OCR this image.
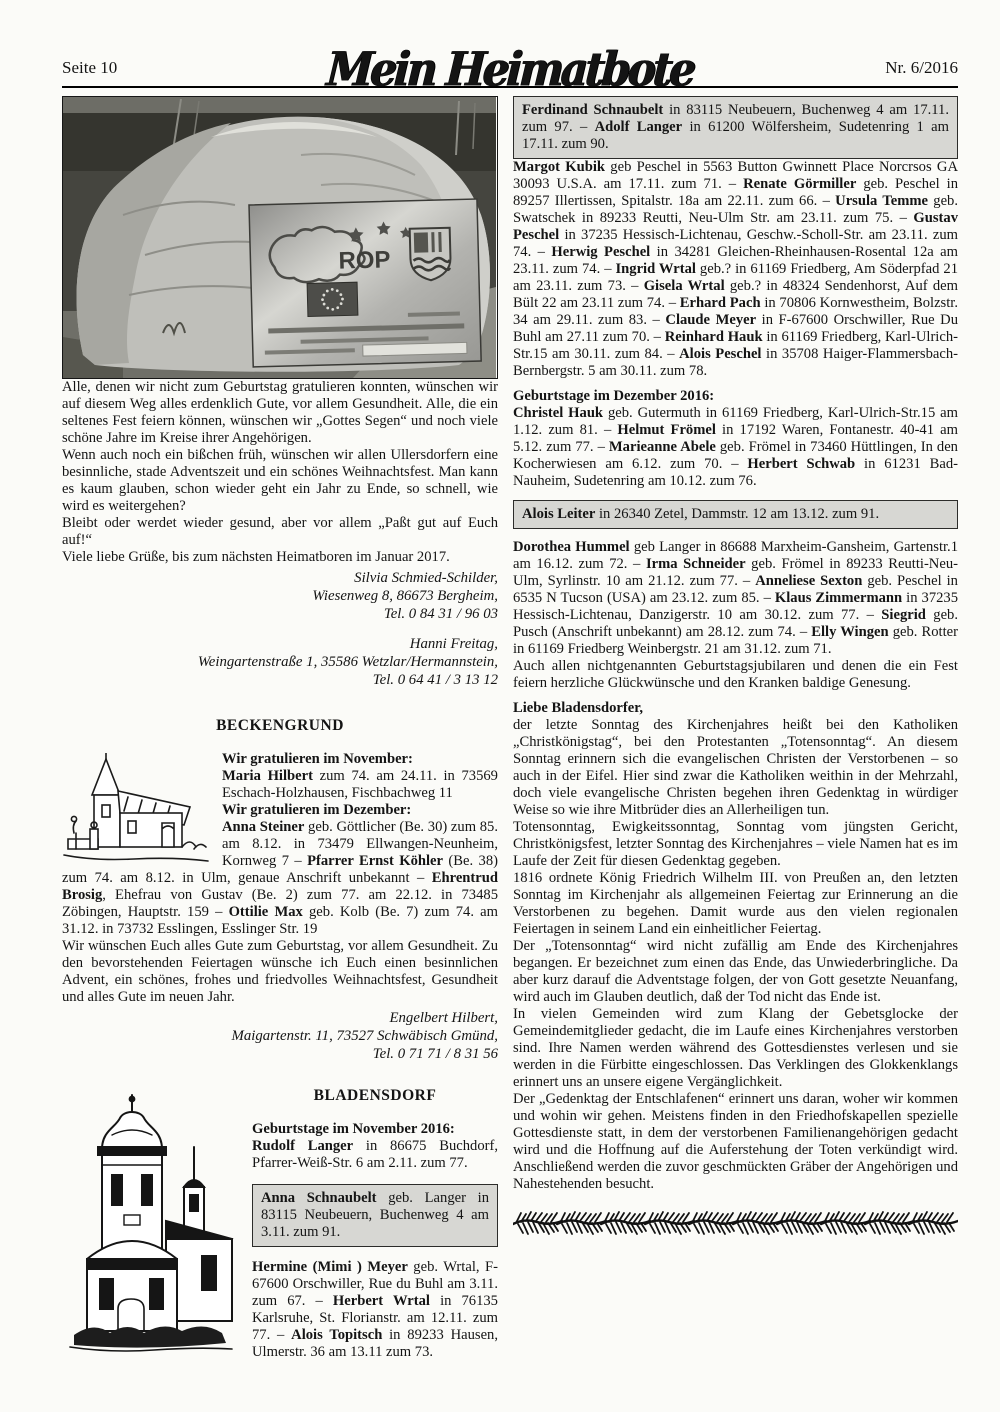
Seite 10	Mein Heimatbote	Nr. 6/2016
ROP

Alle, denen wir nicht zum Geburtstag gratulieren konnten, wünschen wir auf diesem Weg alles erdenklich Gute, vor allem Gesundheit. Alle, die ein seltenes Fest feiern können, wünschen wir „Gottes Segen“ und noch viele schöne Jahre im Kreise ihrer Angehörigen.

Wenn auch noch ein bißchen früh, wünschen wir allen Ullersdorfern eine besinnliche, stade Adventszeit und ein schönes Weihnachtsfest. Man kann es kaum glauben, schon wieder geht ein Jahr zu Ende, so schnell, wie wird es weitergehen?

Bleibt oder werdet wieder gesund, aber vor allem „Paßt gut auf Euch auf!“

Viele liebe Grüße, bis zum nächsten Heimatboren im Januar 2017.

Silvia Schmied-Schilder,
Wiesenweg 8, 86673 Bergheim,
Tel. 0 84 31 / 96 03
Hanni Freitag,
Weingartenstraße 1, 35586 Wetzlar/Hermannstein,
Tel. 0 64 41 / 3 13 12
BECKENGRUND

Wir gratulieren im November:

Maria Hilbert zum 74. am 24.11. in 73569 Eschach-Holzhausen, Fischbachweg 11

Wir gratulieren im Dezember:

Anna Steiner geb. Göttlicher (Be. 30) zum 85. am 8.12. in 73479 Ellwangen-Neunheim, Kornweg 7 – Pfarrer Ernst Köhler (Be. 38) zum 74. am 8.12. in Ulm, genaue Anschrift unbekannt – Ehrentrud Brosig, Ehefrau von Gustav (Be. 2) zum 77. am 22.12. in 73485 Zöbingen, Hauptstr. 159 – Ottilie Max geb. Kolb (Be. 7) zum 74. am 31.12. in 73732 Esslingen, Esslinger Str. 19

Wir wünschen Euch alles Gute zum Geburtstag, vor allem Gesundheit. Zu den bevorstehenden Feiertagen wünsche ich Euch einen besinnlichen Advent, ein schönes, frohes und friedvolles Weihnachtsfest, Gesundheit und alles Gute im neuen Jahr.

Engelbert Hilbert,
Maigartenstr. 11, 73527 Schwäbisch Gmünd,
Tel. 0 71 71 / 8 31 56
BLADENSDORF

Geburtstage im November 2016:

Rudolf Langer in 86675 Buchdorf, Pfarrer-Weiß-Str. 6 am 2.11. zum 77.

Anna Schnaubelt geb. Langer in 83115 Neubeuern, Buchenweg 4 am 3.11. zum 91.

Hermine (Mimi ) Meyer geb. Wrtal, F-67600 Orschwiller, Rue du Buhl am 3.11. zum 67. – Herbert Wrtal in 76135 Karlsruhe, St. Florianstr. am 12.11. zum 77. – Alois Topitsch in 89233 Hausen, Ulmerstr. 36 am 13.11 zum 73.

Ferdinand Schnaubelt in 83115 Neubeuern, Buchenweg 4 am 17.11. zum 97. – Adolf Langer in 61200 Wölfersheim, Sudetenring 1 am 17.11. zum 90.

Margot Kubik geb Peschel in 5563 Button Gwinnett Place Norcrsos GA 30093 U.S.A. am 17.11. zum 71. – Renate Görmiller geb. Peschel in 89257 Illertissen, Spitalstr. 18a am 22.11. zum 66. – Ursula Temme geb. Swatschek in 89233 Reutti, Neu-Ulm Str. am 23.11. zum 75. – Gustav Peschel in 37235 Hessisch-Lichtenau, Geschw.-Scholl-Str. am 23.11. zum 74. – Herwig Peschel in 34281 Gleichen-Rheinhausen-Rosental 12a am 23.11. zum 74. – Ingrid Wrtal geb.? in 61169 Friedberg, Am Söderpfad 21 am 23.11. zum 73. – Gisela Wrtal geb.? in 48324 Sendenhorst, Auf dem Bült 22 am 23.11 zum 74. – Erhard Pach in 70806 Kornwestheim, Bolzstr. 34 am 29.11. zum 83. – Claude Meyer in F-67600 Orschwiller, Rue Du Buhl am 27.11 zum 70. – Reinhard Hauk in 61169 Friedberg, Karl-Ulrich-Str.15 am 30.11. zum 84. – Alois Peschel in 35708 Haiger-Flammersbach-Bernbergstr. 5 am 30.11. zum 78.

Geburtstage im Dezember 2016:

Christel Hauk geb. Gutermuth in 61169 Friedberg, Karl-Ulrich-Str.15 am 1.12. zum 81. – Helmut Frömel in 17192 Waren, Fontanestr. 40-41 am 5.12. zum 77. – Marieanne Abele geb. Frömel in 73460 Hüttlingen, In den Kocherwiesen am 6.12. zum 70. – Herbert Schwab in 61231 Bad-Nauheim, Sudetenring am 10.12. zum 76.

Alois Leiter in 26340 Zetel, Dammstr. 12 am 13.12. zum 91.

Dorothea Hummel geb Langer in 86688 Marxheim-Gansheim, Gartenstr.1 am 16.12. zum 72. – Irma Schneider geb. Frömel in 89233 Reutti-Neu-Ulm, Syrlinstr. 10 am 21.12. zum 77. – Anneliese Sexton geb. Peschel in 6535 N Tucson (USA) am 23.12. zum 85. – Klaus Zimmermann in 37235 Hessisch-Lichtenau, Danzigerstr. 10 am 30.12. zum 77. – Siegrid geb. Pusch (Anschrift unbekannt) am 28.12. zum 74. – Elly Wingen geb. Rotter in 61169 Friedberg Weinbergstr. 21 am 31.12. zum 71.

Auch allen nichtgenannten Geburtstagsjubilaren und denen die ein Fest feiern herzliche Glückwünsche und den Kranken baldige Genesung.

Liebe Bladensdorfer,

der letzte Sonntag des Kirchenjahres heißt bei den Katholiken „Christkönigstag“, bei den Protestanten „Totensonntag“. An diesem Sonntag erinnern sich die evangelischen Christen der Verstorbenen – so auch in der Eifel. Hier sind zwar die Katholiken weithin in der Mehrzahl, doch viele evangelische Christen begehen ihren Gedenktag in würdiger Weise so wie ihre Mitbrüder dies an Allerheiligen tun.

Totensonntag, Ewigkeitssonntag, Sonntag vom jüngsten Gericht, Christkönigsfest, letzter Sonntag des Kirchenjahres – viele Namen hat es im Laufe der Zeit für diesen Gedenktag gegeben.

1816 ordnete König Friedrich Wilhelm III. von Preußen an, den letzten Sonntag im Kirchenjahr als allgemeinen Feiertag zur Erinnerung an die Verstorbenen zu begehen. Damit wurde aus den vielen regionalen Feiertagen in seinem Land ein einheitlicher Feiertag.

Der „Totensonntag“ wird nicht zufällig am Ende des Kirchenjahres begangen. Er bezeichnet zum einen das Ende, das Unwiederbringliche. Da aber kurz darauf die Adventstage folgen, der von Gott gesetzte Neuanfang, wird auch im Glauben deutlich, daß der Tod nicht das Ende ist.

In vielen Gemeinden wird zum Klang der Gebetsglocke der Gemeindemitglieder gedacht, die im Laufe eines Kirchenjahres verstorben sind. Ihre Namen werden während des Gottesdienstes verlesen und sie werden in die Fürbitte eingeschlossen. Das Verklingen des Glokkenklangs erinnert uns an unsere eigene Vergänglichkeit.

Der „Gedenktag der Entschlafenen“ erinnert uns daran, woher wir kommen und wohin wir gehen. Meistens finden in den Friedhofskapellen spezielle Gottesdienste statt, in dem der verstorbenen Familienangehörigen gedacht wird und die Hoffnung auf die Auferstehung der Toten verkündigt wird. Anschließend werden die zuvor geschmückten Gräber der Angehörigen und Nahestehenden besucht.
